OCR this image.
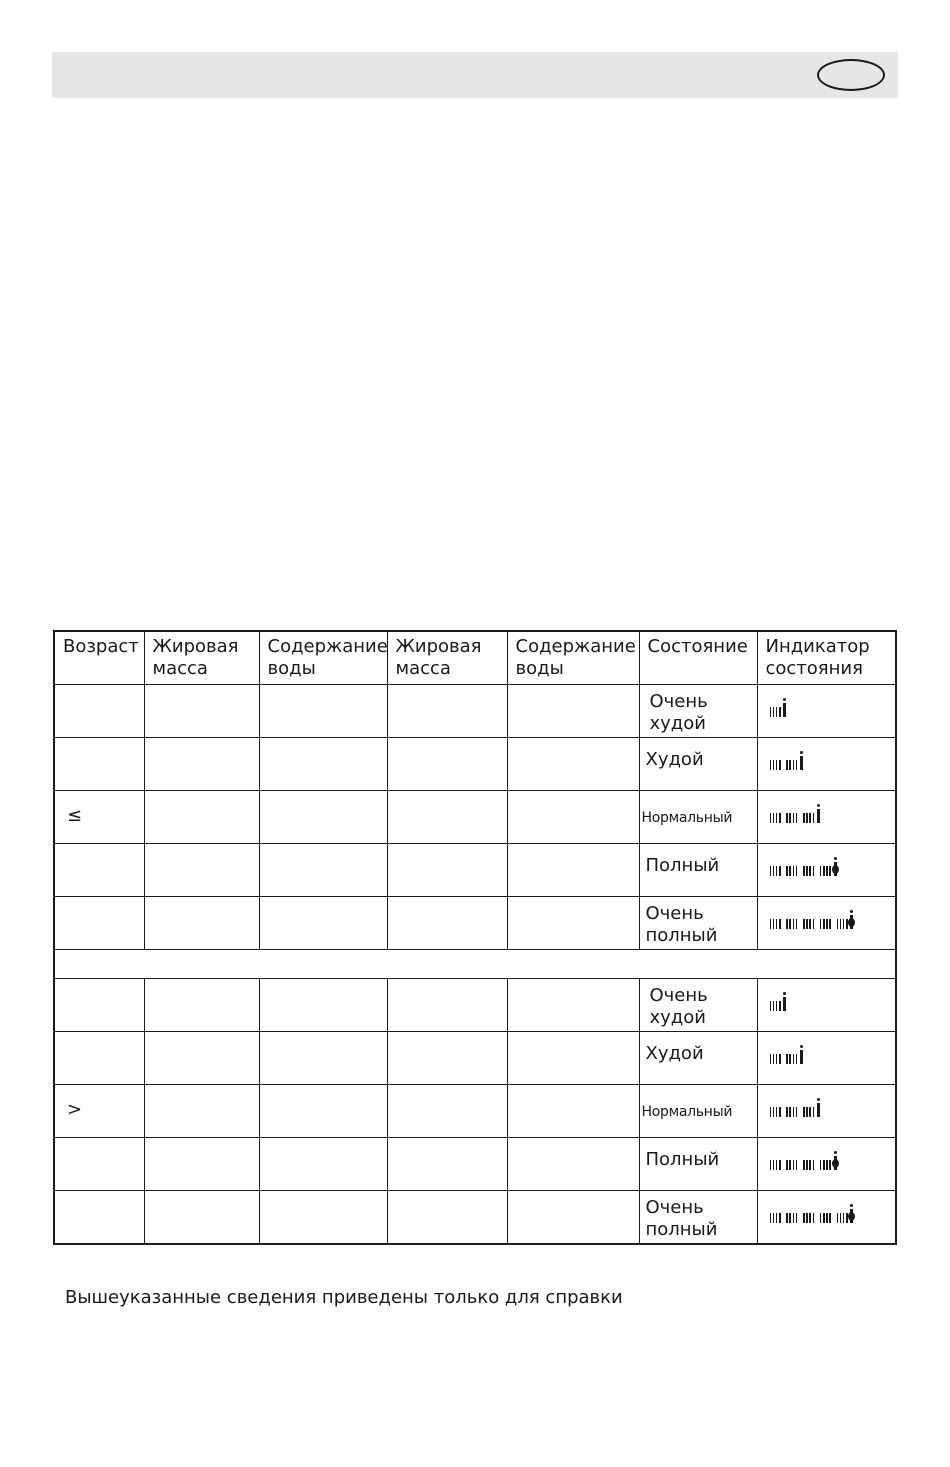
Возраст	Жировая масса	Содержание воды	Жировая масса	Содержание воды	Состояние	Индикатор состояния

					Очень худой	

					Худой	

≤					Нормальный	

					Полный	

					Очень полный	

					Очень худой	

					Худой	

>					Нормальный	

					Полный	

					Очень полный	

Вышеуказанные сведения приведены только для справки
